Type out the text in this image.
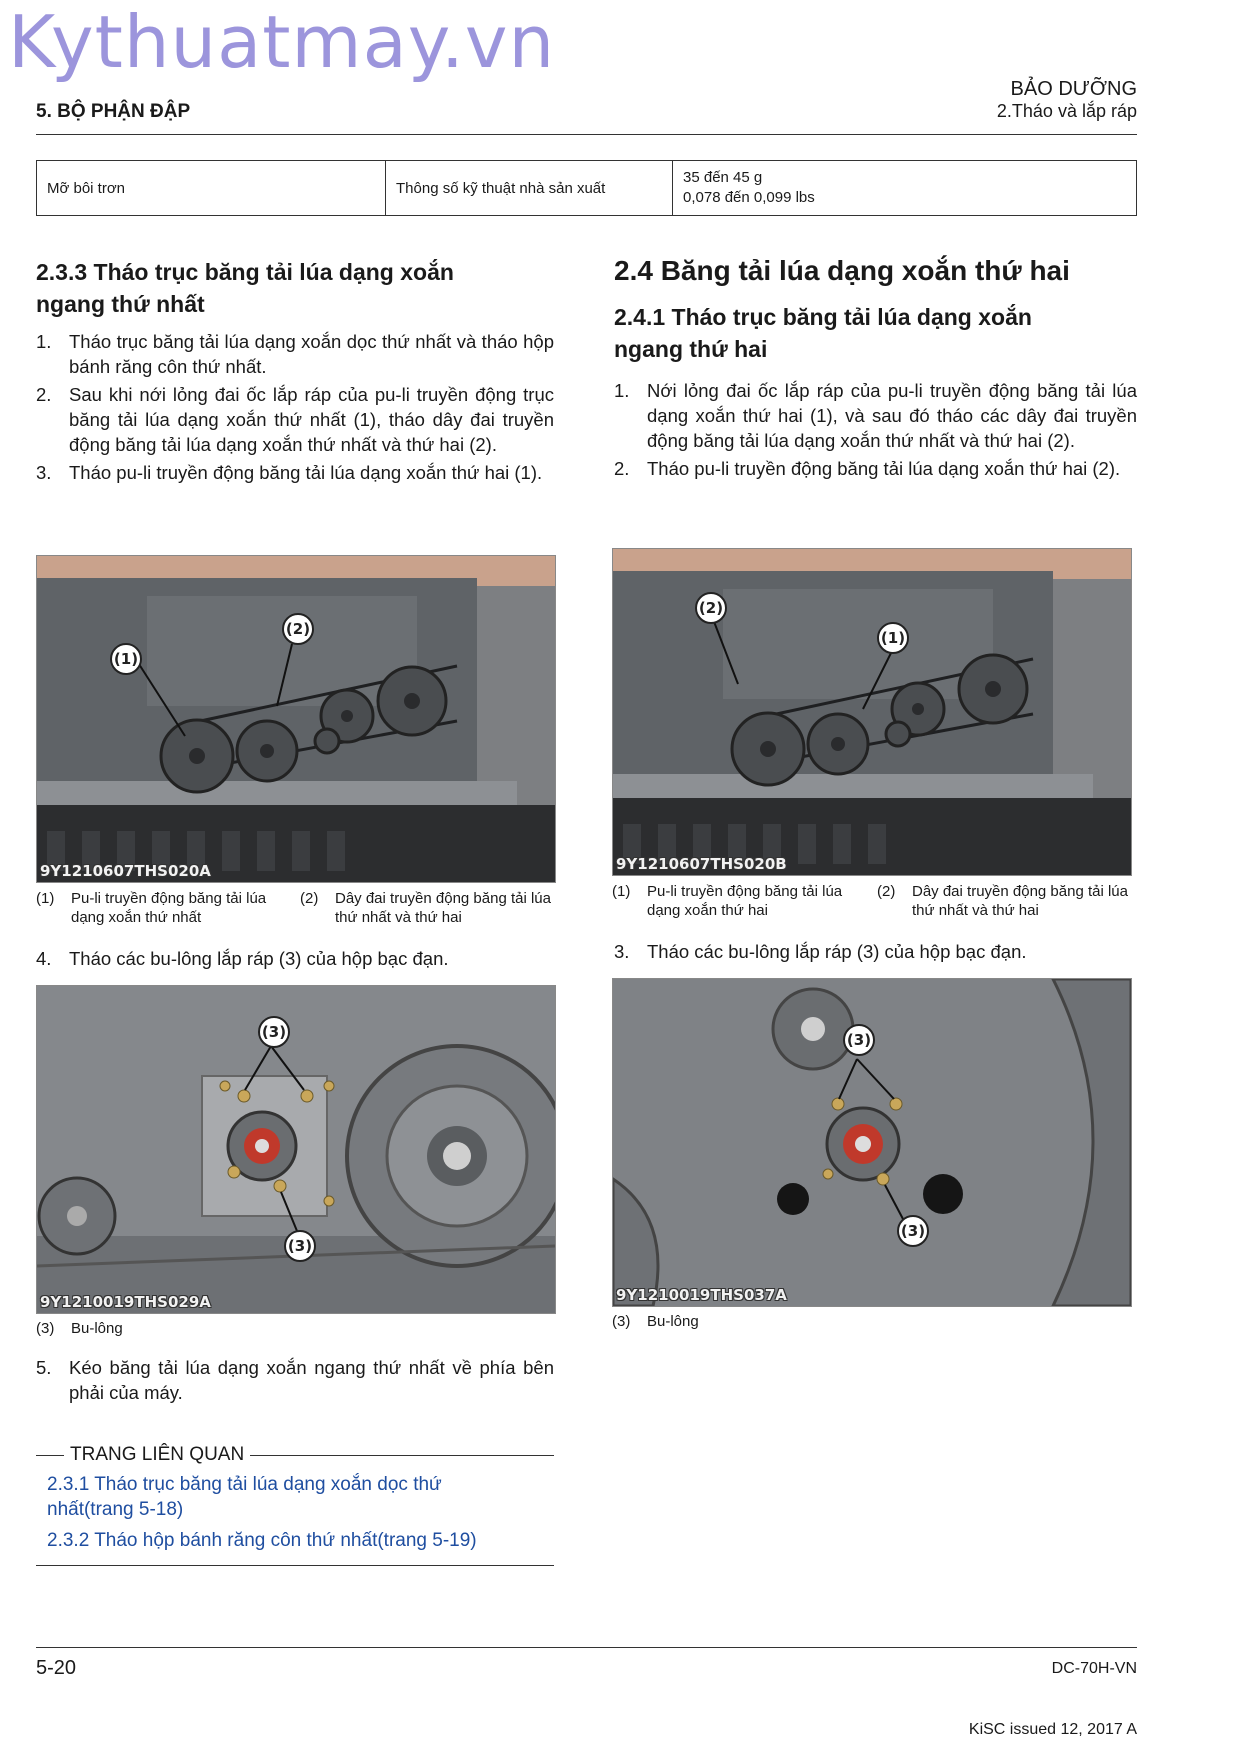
Kythuatmay.vn
5. BỘ PHẬN ĐẬP
BẢO DƯỠNG
2.Tháo và lắp ráp
Mỡ bôi trơn	Thông số kỹ thuật nhà sản xuất	
35 đến 45 g
0,078 đến 0,099 lbs
2.3.3 Tháo trục băng tải lúa dạng xoắn
ngang thứ nhất
1. Tháo trục băng tải lúa dạng xoắn dọc thứ nhất và tháo hộp bánh răng côn thứ nhất.
2. Sau khi nới lỏng đai ốc lắp ráp của pu-li truyền động trục băng tải lúa dạng xoắn thứ nhất (1), tháo dây đai truyền động băng tải lúa dạng xoắn thứ nhất và thứ hai (2).
3. Tháo pu-li truyền động băng tải lúa dạng xoắn thứ hai (1).
(1)
(2)
9Y1210607THS020A
(1) Pu-li truyền động băng tải lúa dạng xoắn thứ nhất
(2) Dây đai truyền động băng tải lúa thứ nhất và thứ hai
4. Tháo các bu-lông lắp ráp (3) của hộp bạc đạn.
(3)
(3)
9Y1210019THS029A
(3) Bu-lông
5. Kéo băng tải lúa dạng xoắn ngang thứ nhất về phía bên phải của máy.
TRANG LIÊN QUAN
2.3.1 Tháo trục băng tải lúa dạng xoắn dọc thứ
nhất(trang 5-18)
2.3.2 Tháo hộp bánh răng côn thứ nhất(trang 5-19)
2.4 Băng tải lúa dạng xoắn thứ hai
2.4.1 Tháo trục băng tải lúa dạng xoắn
ngang thứ hai
1. Nới lỏng đai ốc lắp ráp của pu-li truyền động băng tải lúa dạng xoắn thứ hai (1), và sau đó tháo các dây đai truyền động băng tải lúa dạng xoắn thứ nhất và thứ hai (2).
2. Tháo pu-li truyền động băng tải lúa dạng xoắn thứ hai (2).
(2)
(1)
9Y1210607THS020B
(1) Pu-li truyền động băng tải lúa dạng xoắn thứ hai
(2) Dây đai truyền động băng tải lúa thứ nhất và thứ hai
3. Tháo các bu-lông lắp ráp (3) của hộp bạc đạn.
(3)
(3)
9Y1210019THS037A
(3) Bu-lông
5-20	DC-70H-VN
KiSC issued 12, 2017 A
